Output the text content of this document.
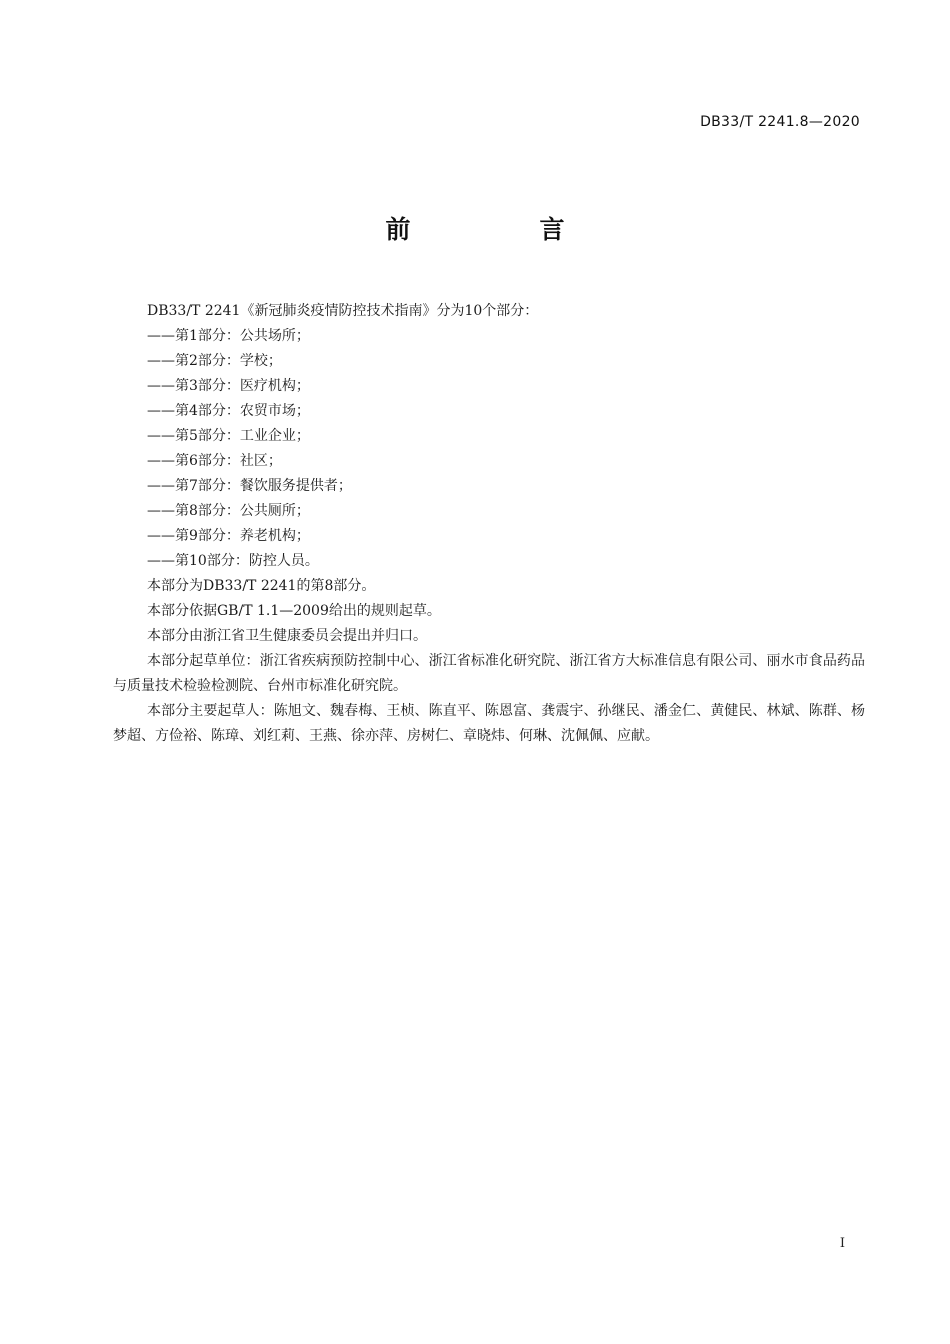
DB33/T 2241.8—2020
前　言

DB33/T 2241《新冠肺炎疫情防控技术指南》分为10个部分：

——第1部分：公共场所；

——第2部分：学校；

——第3部分：医疗机构；

——第4部分：农贸市场；

——第5部分：工业企业；

——第6部分：社区；

——第7部分：餐饮服务提供者；

——第8部分：公共厕所；

——第9部分：养老机构；

——第10部分：防控人员。

本部分为DB33/T 2241的第8部分。

本部分依据GB/T 1.1—2009给出的规则起草。

本部分由浙江省卫生健康委员会提出并归口。

本部分起草单位：浙江省疾病预防控制中心、浙江省标准化研究院、浙江省方大标准信息有限公司、丽水市食品药品与质量技术检验检测院、台州市标准化研究院。

本部分主要起草人：陈旭文、魏春梅、王桢、陈直平、陈恩富、龚震宇、孙继民、潘金仁、黄健民、林斌、陈群、杨梦超、方俭裕、陈璋、刘红莉、王燕、徐亦萍、房树仁、章晓炜、何琳、沈佩佩、应献。

I
